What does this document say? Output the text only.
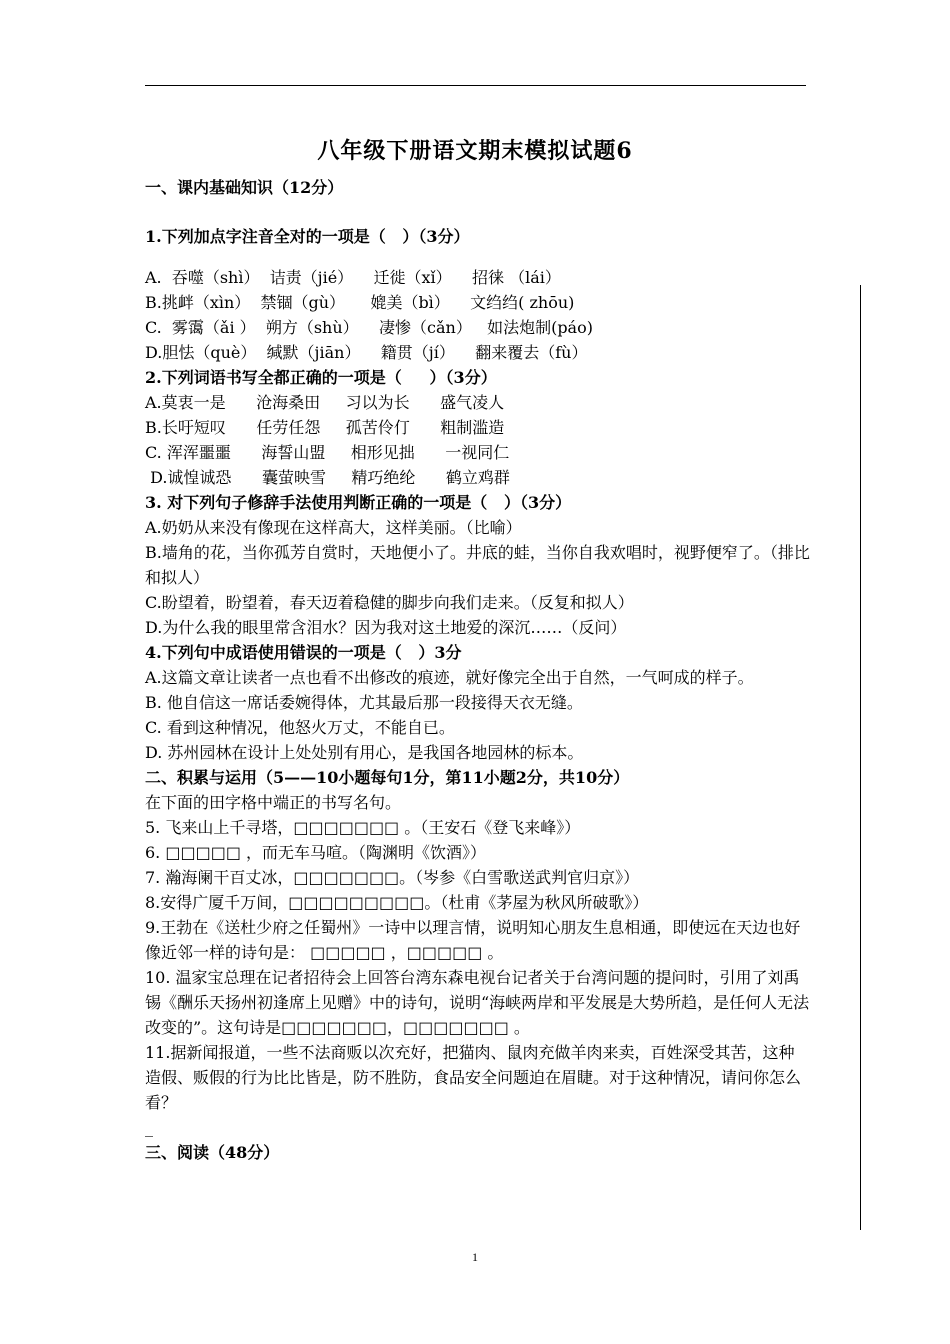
八年级下册语文期末模拟试题6
一、课内基础知识（12分）
1.下列加点字注音全对的一项是（   ）（3分）
A.  吞噬（shì）  诘责（jié）    迁徙（xǐ）    招徕 （lái）
B.挑衅（xìn）  禁锢（gù）     媲美（bì）    文绉绉( zhōu)
C.  雾霭（ǎi ）  朔方（shù）    凄惨（cǎn）   如法炮制(páo)
D.胆怯（què）  缄默（jiān）    籍贯（jí）    翻来覆去（fù）
2.下列词语书写全都正确的一项是（     ）（3分）
A.莫衷一是      沧海桑田     习以为长      盛气凌人
B.长吁短叹      任劳任怨     孤苦伶仃      粗制滥造
C. 浑浑噩噩      海誓山盟     相形见拙      一视同仁
D.诚惶诚恐      囊萤映雪     精巧绝纶      鹤立鸡群
3. 对下列句子修辞手法使用判断正确的一项是（   ）（3分）
A.奶奶从来没有像现在这样高大，这样美丽。（比喻）
B.墙角的花，当你孤芳自赏时，天地便小了。井底的蛙，当你自我欢唱时，视野便窄了。（排比和拟人）
C.盼望着，盼望着，春天迈着稳健的脚步向我们走来。（反复和拟人）
D.为什么我的眼里常含泪水？因为我对这土地爱的深沉……（反问）
4.下列句中成语使用错误的一项是（   ）3分
A.这篇文章让读者一点也看不出修改的痕迹，就好像完全出于自然，一气呵成的样子。
B. 他自信这一席话委婉得体，尤其最后那一段接得天衣无缝。
C. 看到这种情况，他怒火万丈，不能自已。
D. 苏州园林在设计上处处别有用心，是我国各地园林的标本。
二、积累与运用（5——10小题每句1分，第11小题2分，共10分）
在下面的田字格中端正的书写名句。
5. 飞来山上千寻塔，□□□□□□□ 。（王安石《登飞来峰》）
6. □□□□□ ，而无车马喧。（陶渊明《饮酒》）
7. 瀚海阑干百丈冰，□□□□□□□。（岑参《白雪歌送武判官归京》）
8.安得广厦千万间，□□□□□□□□□。（杜甫《茅屋为秋风所破歌》）
9.王勃在《送杜少府之任蜀州》一诗中以理言情，说明知心朋友生息相通，即使远在天边也好像近邻一样的诗句是： □□□□□ ，□□□□□ 。
10. 温家宝总理在记者招待会上回答台湾东森电视台记者关于台湾问题的提问时，引用了刘禹锡《酬乐天扬州初逢席上见赠》中的诗句，说明“海峡两岸和平发展是大势所趋，是任何人无法改变的”。这句诗是□□□□□□□，□□□□□□□ 。
11.据新闻报道，一些不法商贩以次充好，把猫肉、鼠肉充做羊肉来卖，百姓深受其苦，这种造假、贩假的行为比比皆是，防不胜防，食品安全问题迫在眉睫。对于这种情况，请问你怎么看？
_
三、阅读（48分）
1
